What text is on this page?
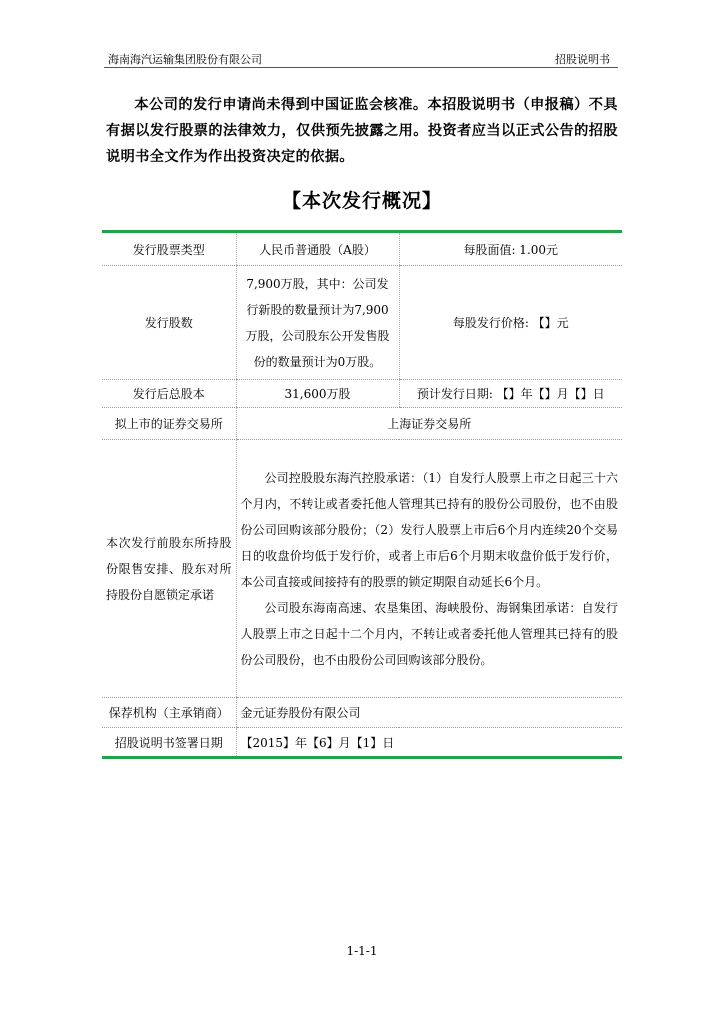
海南海汽运输集团股份有限公司	招股说明书
本公司的发行申请尚未得到中国证监会核准。本招股说明书（申报稿）不具有据以发行股票的法律效力，仅供预先披露之用。投资者应当以正式公告的招股说明书全文作为作出投资决定的依据。
【本次发行概况】
发行股票类型	人民币普通股（A股）	每股面值: 1.00元
发行股数	7,900万股，其中：公司发行新股的数量预计为7,900万股，公司股东公开发售股份的数量预计为0万股。	每股发行价格: 【】元
发行后总股本	31,600万股	预计发行日期: 【】年【】月【】日
拟上市的证券交易所	上海证券交易所	
本次发行前股东所持股份限售安排、股东对所持股份自愿锁定承诺	公司控股股东海汽控股承诺：（1）自发行人股票上市之日起三十六个月内，不转让或者委托他人管理其已持有的股份公司股份，也不由股份公司回购该部分股份；（2）发行人股票上市后6个月内连续20个交易日的收盘价均低于发行价，或者上市后6个月期末收盘价低于发行价，本公司直接或间接持有的股票的锁定期限自动延长6个月。
公司股东海南高速、农垦集团、海峡股份、海钢集团承诺：自发行人股票上市之日起十二个月内，不转让或者委托他人管理其已持有的股份公司股份，也不由股份公司回购该部分股份。	

保荐机构（主承销商）	金元证券股份有限公司	
招股说明书签署日期	【2015】年【6】月【1】日	
1-1-1
